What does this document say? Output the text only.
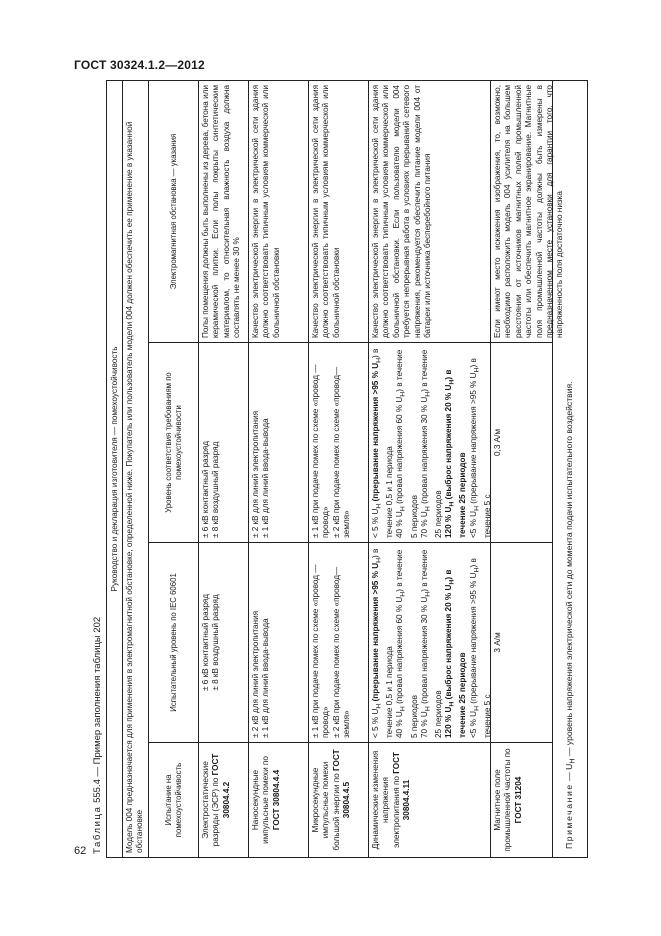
ГОСТ 30324.1.2—2012
62 Таблица 555.4 — Пример заполнения таблицы 202
Руководство и декларация изготовителя — помехоустойчивость Модель 004 предназначается для применения в электромагнитной обстановке, определенной ниже. Покупатель или пользователь модели 004 должен обеспечить ее применение в указанной обстановке
Испытание на помехоустойчивость
Испытательный уровень по IEC 60601
Уровень соответствия требованиям по помехоустойчивости
Электромагнитная обстановка — указания
Электростатические разряды (ЭСР) по ГОСТ 30804.4.2
± 6 кВ контактный разряд ± 8 кВ воздушный разряд
± 6 кВ контактный разряд ± 8 кВ воздушный разряд
Полы помещения должны быть выполнены из дерева, бетона или керамической плитки. Если полы покрыты синтетическим материалом, то относительная влажность воздуха должна составлять не менее 30 %
Наносекундные импульсные помехи по ГОСТ 30804.4.4
± 2 кВ для линий электропитания ± 1 кВ для линий ввода-вывода
± 2 кВ для линий электропитания ± 1 кВ для линий ввода-вывода
Качество электрической энергии в электрической сети здания должно соответствовать типичным условиям коммерческой или больничной обстановки
Микросекундные импульсные помехи большой энергии по ГОСТ 30804.4.5
± 1 кВ при подаче помех по схеме «провод — провод» ± 2 кВ при подаче помех по схеме «провод—земля»
± 1 кВ при подаче помех по схеме «провод — провод» ± 2 кВ при подаче помех по схеме «провод—земля»
Качество электрической энергии в электрической сети здания должно соответствовать типичным условиям коммерческой или больничной обстановки
Динамические изменения напряжения электропитания по ГОСТ 30804.4.11
< 5 % $U_Н$ (прерывание напряжения >95 % $U_Н$) в течение 0,5 и 1 периода 40 % $U_Н$ (провал напряжения 60 % $U_Н$) в течение 5 периодов 70 % $U_Н$ (провал напряжения 30 % $U_Н$) в течение 25 периодов 120 % $U_Н$ (выброс напряжения 20 % $U_Н$) в течение 25 периодов <5 % $U_Н$ (прерывание напряжения >95 % $U_Н$) в течение 5 с
< 5 % $U_Н$ (прерывание напряжения >95 % $U_Н$) в течение 0,5 и 1 периода 40 % $U_Н$ (провал напряжения 60 % $U_Н$) в течение 5 периодов 70 % $U_Н$ (провал напряжения 30 % $U_Н$) в течение 25 периодов 120 % $U_Н$ (выброс напряжения 20 % $U_Н$) в течение 25 периодов <5 % $U_Н$ (прерывание напряжения >95 % $U_Н$) в течение 5 с
Качество электрической энергии в электрической сети здания должно соответствовать типичным условиям коммерческой или больничной обстановки. Если пользователю модели 004 требуется непрерывная работа в условиях прерываний сетевого напряжения, рекомендуется обеспечить питание модели 004 от батареи или источника бесперебойного питания
Магнитное поле промышленной частоты по ГОСТ 31204
3 А/м
0,3 А/м
Если имеют место искажения изображения, то, возможно, необходимо расположить модель 004 усилителя на большем расстоянии от источников магнитных полей промышленной частоты или обеспечить магнитное экранирование. Магнитные поля промышленной частоты должны быть измерены в предназначенном месте установки для гарантии того, что напряженность поля достаточно низка
Примечание — $U_Н$ — уровень напряжения электрической сети до момента подачи испытательного воздействия.
